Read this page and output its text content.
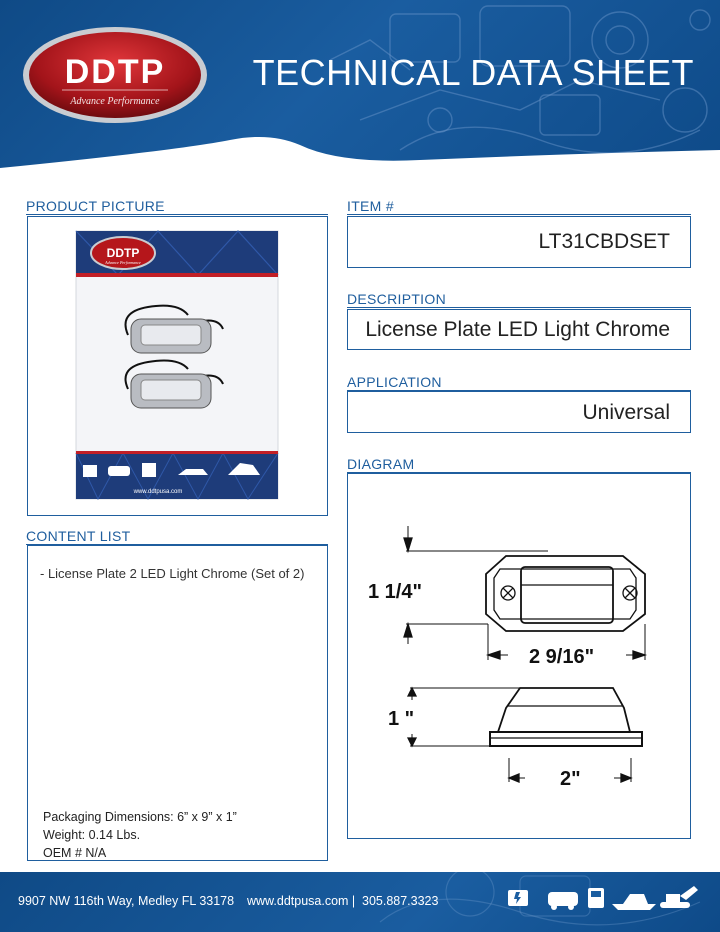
DDTP
Advance Performance
TECHNICAL DATA SHEET
PRODUCT PICTURE
DDTP
Advance Performance
www.ddtpusa.com
CONTENT LIST
- License Plate 2 LED Light Chrome (Set of 2)
Packaging Dimensions: 6” x 9” x 1”
Weight: 0.14 Lbs.
OEM # N/A
ITEM #
LT31CBDSET
DESCRIPTION
License Plate LED Light Chrome
APPLICATION
Universal
DIAGRAM
1 1/4"
2 9/16"
1 "
2"
9907 NW 116th Way, Medley FL 33178 www.ddtpusa.com | 305.887.3323
